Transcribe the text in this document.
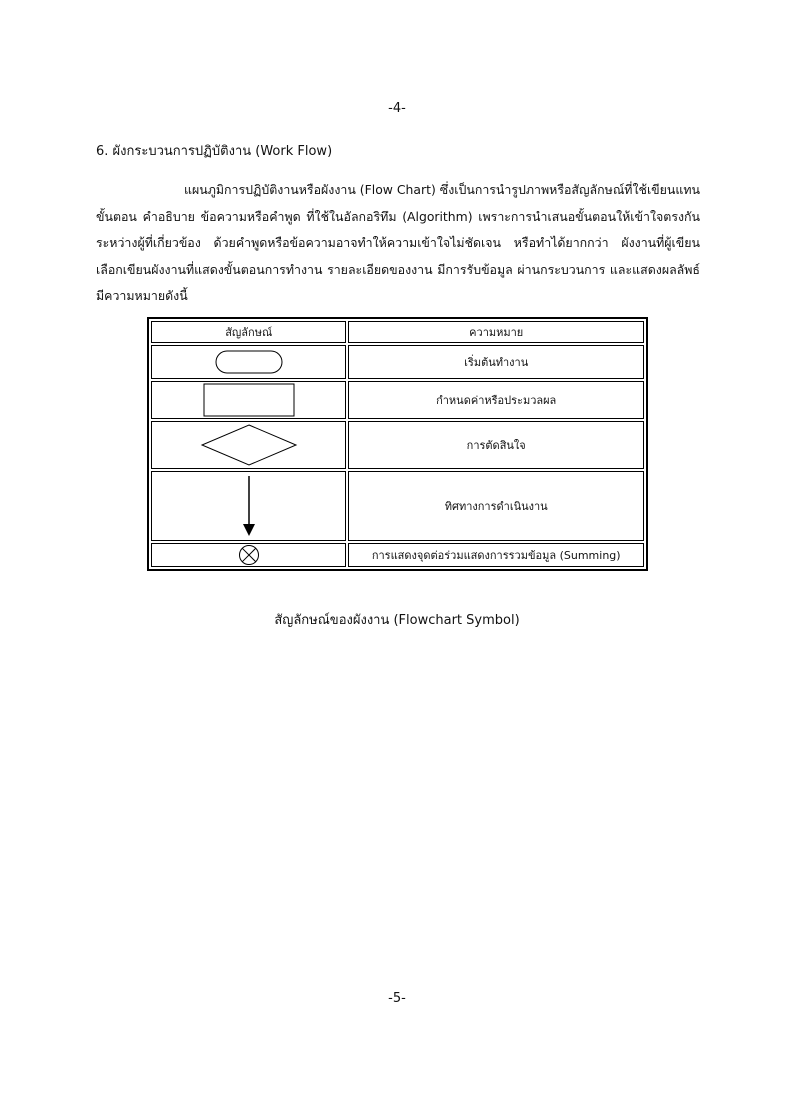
-4-
6. ผังกระบวนการปฏิบัติงาน (Work Flow)

แผนภูมิการปฏิบัติงานหรือผังงาน (Flow Chart) ซึ่งเป็นการนำรูปภาพหรือสัญลักษณ์ที่ใช้เขียนแทนขั้นตอน คำอธิบาย ข้อความหรือคำพูด ที่ใช้ในอัลกอริทึม (Algorithm) เพราะการนำเสนอขั้นตอนให้เข้าใจตรงกัน ระหว่างผู้ที่เกี่ยวข้อง ด้วยคำพูดหรือข้อความอาจทำให้ความเข้าใจไม่ชัดเจน หรือทำได้ยากกว่า ผังงานที่ผู้เขียนเลือกเขียนผังงานที่แสดงขั้นตอนการทำงาน รายละเอียดของงาน มีการรับข้อมูล ผ่านกระบวนการ และแสดงผลลัพธ์ มีความหมายดังนี้

สัญลักษณ์	ความหมาย

	เริ่มต้นทำงาน

	กำหนดค่าหรือประมวลผล

	การตัดสินใจ

	ทิศทางการดำเนินงาน

	การแสดงจุดต่อร่วมแสดงการรวมข้อมูล (Summing)
สัญลักษณ์ของผังงาน (Flowchart Symbol)
-5-
